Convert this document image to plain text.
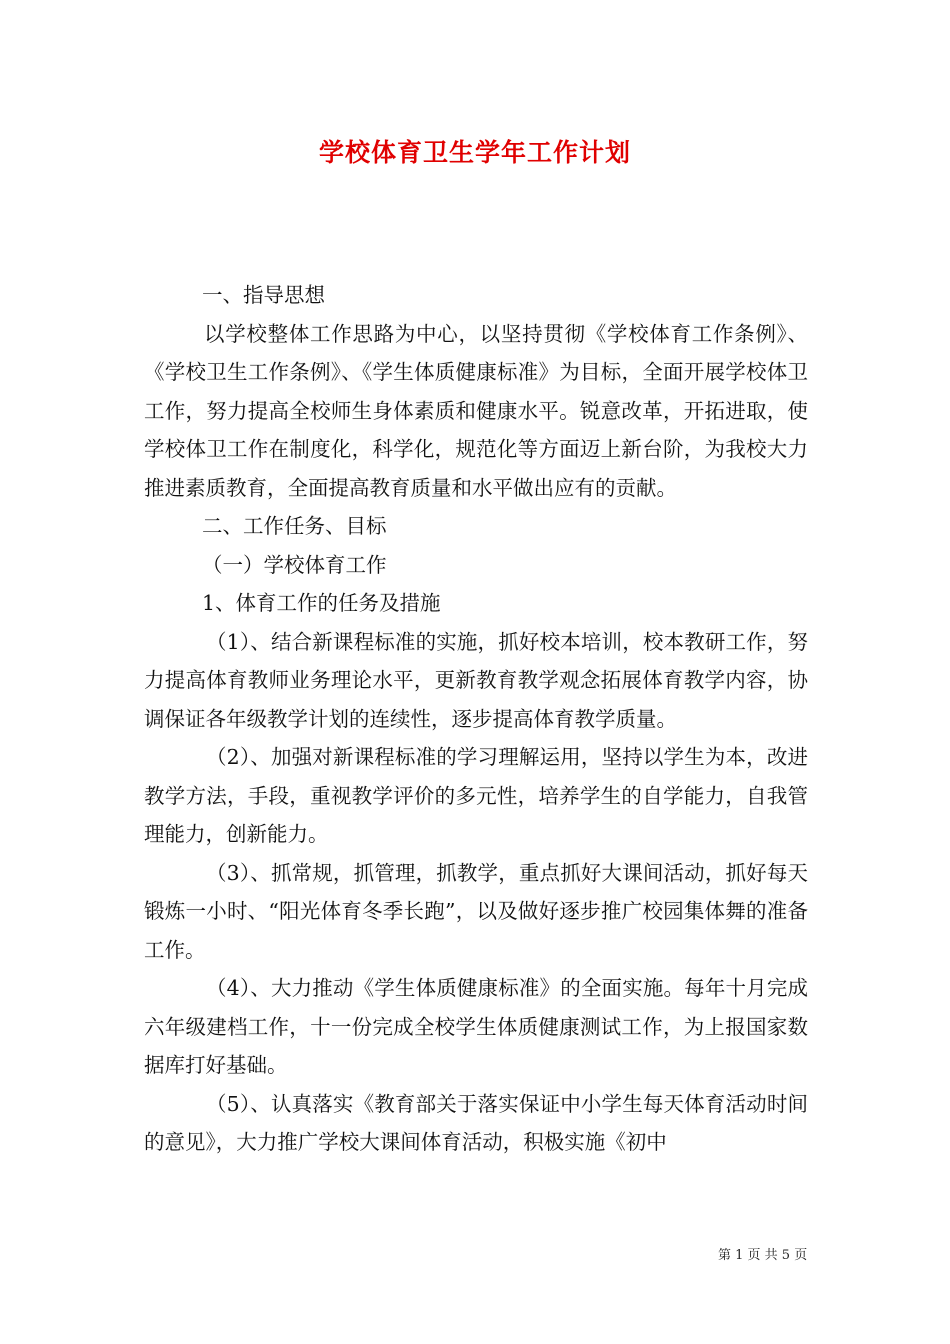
学校体育卫生学年工作计划

一、指导思想

以学校整体工作思路为中心，以坚持贯彻《学校体育工作条例》、《学校卫生工作条例》、《学生体质健康标准》为目标，全面开展学校体卫工作，努力提高全校师生身体素质和健康水平。锐意改革，开拓进取，使学校体卫工作在制度化，科学化，规范化等方面迈上新台阶，为我校大力推进素质教育，全面提高教育质量和水平做出应有的贡献。

二、工作任务、目标

（一）学校体育工作

1、体育工作的任务及措施

（1）、结合新课程标准的实施，抓好校本培训，校本教研工作，努力提高体育教师业务理论水平，更新教育教学观念拓展体育教学内容，协调保证各年级教学计划的连续性，逐步提高体育教学质量。

（2）、加强对新课程标准的学习理解运用，坚持以学生为本，改进教学方法，手段，重视教学评价的多元性，培养学生的自学能力，自我管理能力，创新能力。

（3）、抓常规，抓管理，抓教学，重点抓好大课间活动，抓好每天锻炼一小时、“阳光体育冬季长跑”，以及做好逐步推广校园集体舞的准备工作。

（4）、大力推动《学生体质健康标准》的全面实施。每年十月完成六年级建档工作，十一份完成全校学生体质健康测试工作，为上报国家数据库打好基础。

（5）、认真落实《教育部关于落实保证中小学生每天体育活动时间的意见》，大力推广学校大课间体育活动，积极实施《初中

第 1 页 共 5 页
